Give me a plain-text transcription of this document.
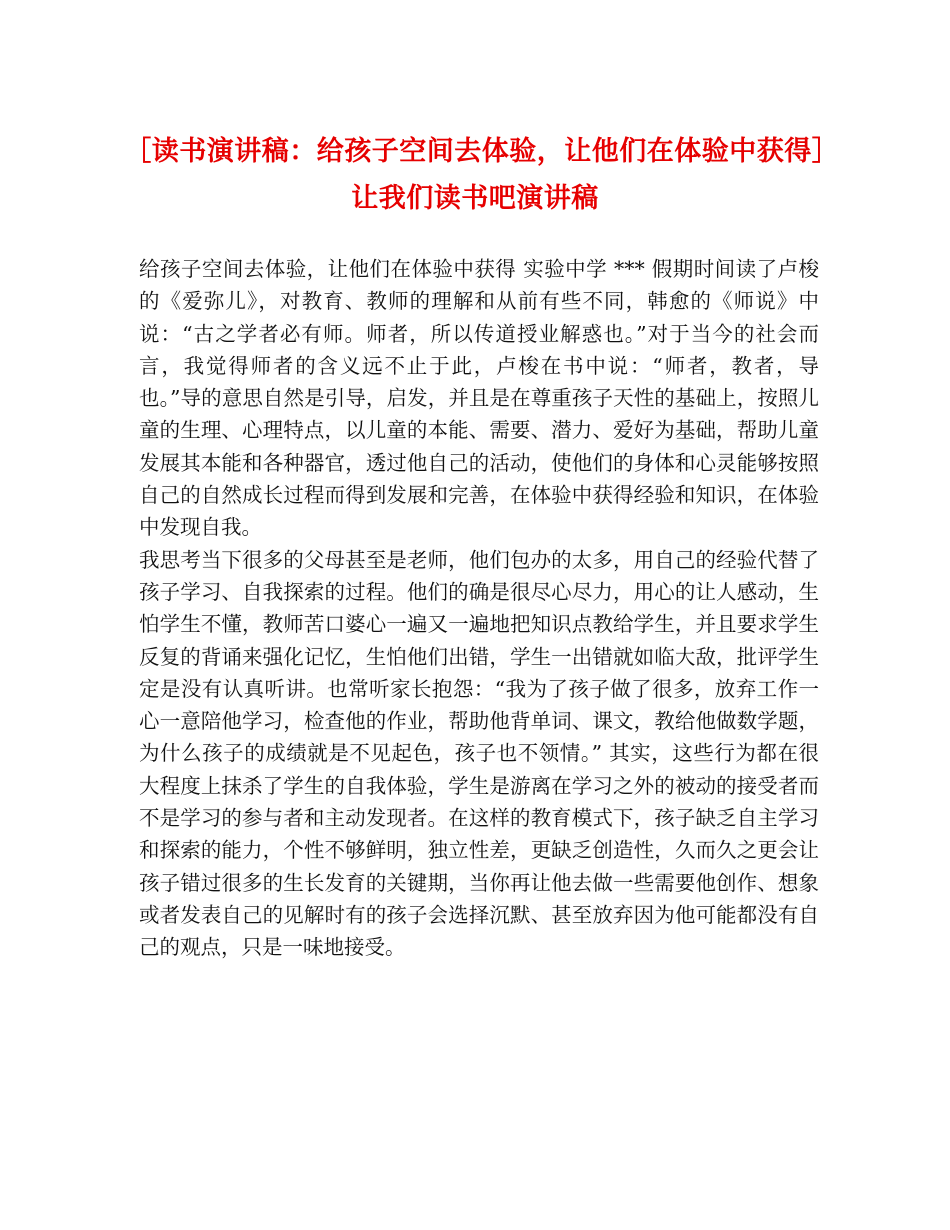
［读书演讲稿：给孩子空间去体验，让他们在体验中获得］让我们读书吧演讲稿

给孩子空间去体验，让他们在体验中获得 实验中学 *** 假期时间读了卢梭的《爱弥儿》，对教育、教师的理解和从前有些不同，韩愈的《师说》中说：“古之学者必有师。师者，所以传道授业解惑也。”对于当今的社会而言，我觉得师者的含义远不止于此，卢梭在书中说：“师者，教者，导也。”导的意思自然是引导，启发，并且是在尊重孩子天性的基础上，按照儿童的生理、心理特点，以儿童的本能、需要、潜力、爱好为基础，帮助儿童发展其本能和各种器官，透过他自己的活动，使他们的身体和心灵能够按照自己的自然成长过程而得到发展和完善，在体验中获得经验和知识，在体验中发现自我。

我思考当下很多的父母甚至是老师，他们包办的太多，用自己的经验代替了孩子学习、自我探索的过程。他们的确是很尽心尽力，用心的让人感动，生怕学生不懂，教师苦口婆心一遍又一遍地把知识点教给学生，并且要求学生反复的背诵来强化记忆，生怕他们出错，学生一出错就如临大敌，批评学生定是没有认真听讲。也常听家长抱怨：“我为了孩子做了很多，放弃工作一心一意陪他学习，检查他的作业，帮助他背单词、课文，教给他做数学题，为什么孩子的成绩就是不见起色，孩子也不领情。” 其实，这些行为都在很大程度上抹杀了学生的自我体验，学生是游离在学习之外的被动的接受者而不是学习的参与者和主动发现者。在这样的教育模式下，孩子缺乏自主学习和探索的能力，个性不够鲜明，独立性差，更缺乏创造性，久而久之更会让孩子错过很多的生长发育的关键期，当你再让他去做一些需要他创作、想象或者发表自己的见解时有的孩子会选择沉默、甚至放弃因为他可能都没有自己的观点，只是一味地接受。
